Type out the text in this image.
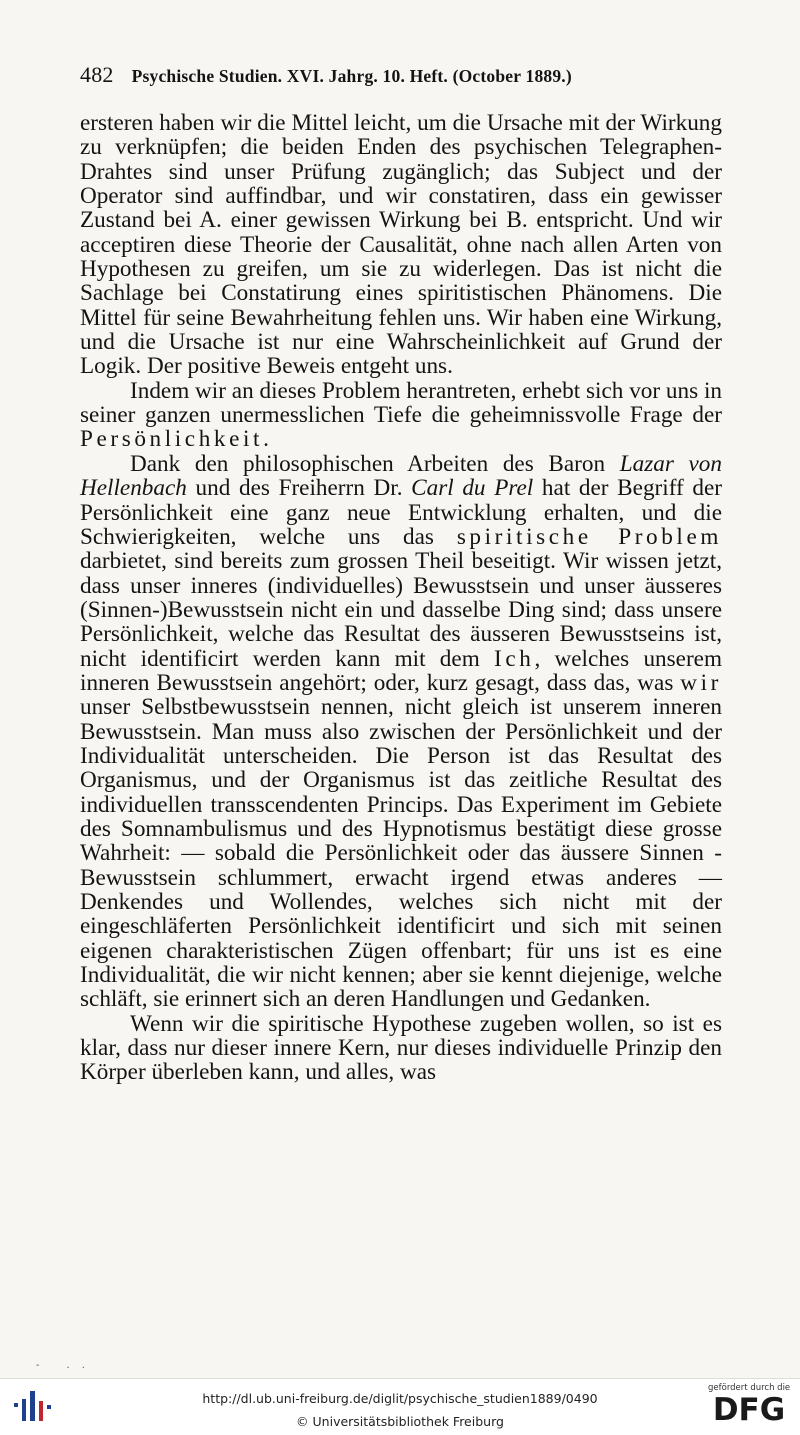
482 Psychische Studien. XVI. Jahrg. 10. Heft. (October 1889.)

ersteren haben wir die Mittel leicht, um die Ursache mit der Wirkung zu verknüpfen; die beiden Enden des psychischen Telegraphen-Drahtes sind unser Prüfung zugänglich; das Subject und der Operator sind auffindbar, und wir constatiren, dass ein gewisser Zustand bei A. einer gewissen Wirkung bei B. entspricht. Und wir acceptiren diese Theorie der Causalität, ohne nach allen Arten von Hypothesen zu greifen, um sie zu widerlegen. Das ist nicht die Sachlage bei Constatirung eines spiritistischen Phänomens. Die Mittel für seine Bewahrheitung fehlen uns. Wir haben eine Wirkung, und die Ursache ist nur eine Wahrscheinlichkeit auf Grund der Logik. Der positive Beweis entgeht uns.

Indem wir an dieses Problem herantreten, erhebt sich vor uns in seiner ganzen unermesslichen Tiefe die geheimnissvolle Frage der Persönlichkeit.

Dank den philosophischen Arbeiten des Baron Lazar von Hellenbach und des Freiherrn Dr. Carl du Prel hat der Begriff der Persönlichkeit eine ganz neue Entwicklung erhalten, und die Schwierigkeiten, welche uns das spiritische Problem darbietet, sind bereits zum grossen Theil beseitigt. Wir wissen jetzt, dass unser inneres (individuelles) Bewusstsein und unser äusseres (Sinnen-)Bewusstsein nicht ein und dasselbe Ding sind; dass unsere Persönlichkeit, welche das Resultat des äusseren Bewusstseins ist, nicht identificirt werden kann mit dem Ich, welches unserem inneren Bewusstsein angehört; oder, kurz gesagt, dass das, was wir unser Selbstbewusstsein nennen, nicht gleich ist unserem inneren Bewusstsein. Man muss also zwischen der Persönlichkeit und der Individualität unterscheiden. Die Person ist das Resultat des Organismus, und der Organismus ist das zeitliche Resultat des individuellen transscendenten Princips. Das Experiment im Gebiete des Somnambulismus und des Hypnotismus bestätigt diese grosse Wahrheit: — sobald die Persönlichkeit oder das äussere Sinnen - Bewusstsein schlummert, erwacht irgend etwas anderes — Denkendes und Wollendes, welches sich nicht mit der eingeschläferten Persönlichkeit identificirt und sich mit seinen eigenen charakteristischen Zügen offenbart; für uns ist es eine Individualität, die wir nicht kennen; aber sie kennt diejenige, welche schläft, sie erinnert sich an deren Handlungen und Gedanken.

Wenn wir die spiritische Hypothese zugeben wollen, so ist es klar, dass nur dieser innere Kern, nur dieses individuelle Prinzip den Körper überleben kann, und alles, was

- ..
http://dl.ub.uni-freiburg.de/diglit/psychische_studien1889/0490
© Universitätsbibliothek Freiburg
gefördert durch die
DFG
